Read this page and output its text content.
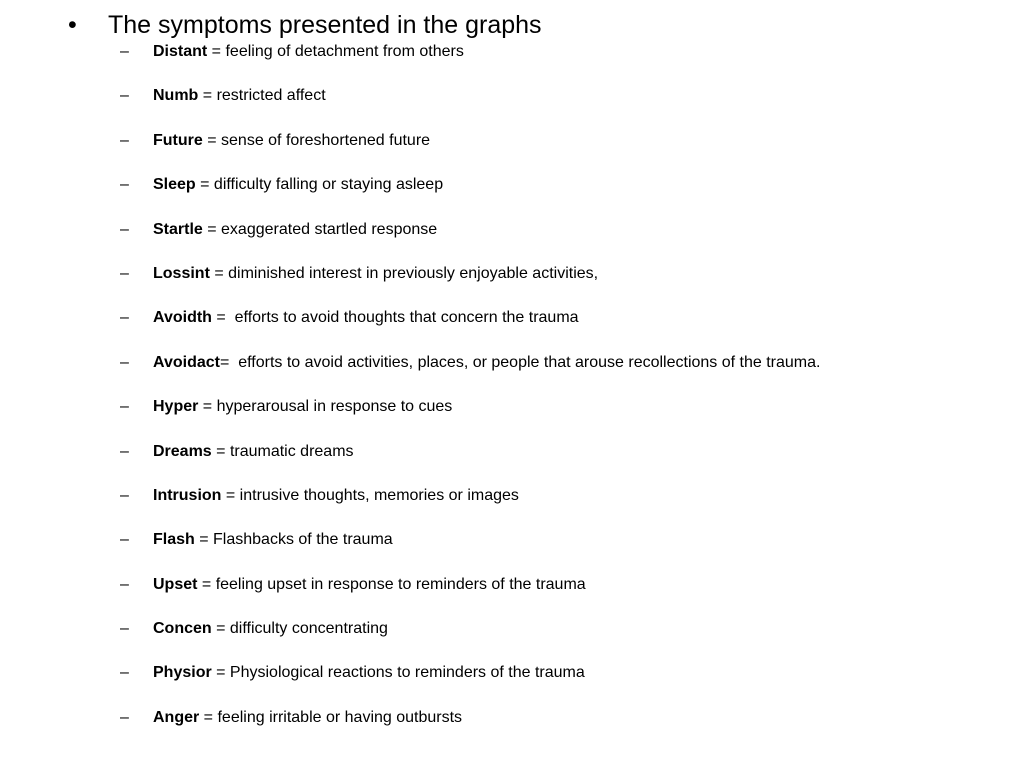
• The symptoms presented in the graphs
– Distant = feeling of detachment from others
– Numb = restricted affect
– Future = sense of foreshortened future
– Sleep = difficulty falling or staying asleep
– Startle = exaggerated startled response
– Lossint = diminished interest in previously enjoyable activities,
– Avoidth =  efforts to avoid thoughts that concern the trauma
– Avoidact=  efforts to avoid activities, places, or people that arouse recollections of the trauma.
– Hyper = hyperarousal in response to cues
– Dreams = traumatic dreams
– Intrusion = intrusive thoughts, memories or images
– Flash = Flashbacks of the trauma
– Upset = feeling upset in response to reminders of the trauma
– Concen = difficulty concentrating
– Physior = Physiological reactions to reminders of the trauma
– Anger = feeling irritable or having outbursts
